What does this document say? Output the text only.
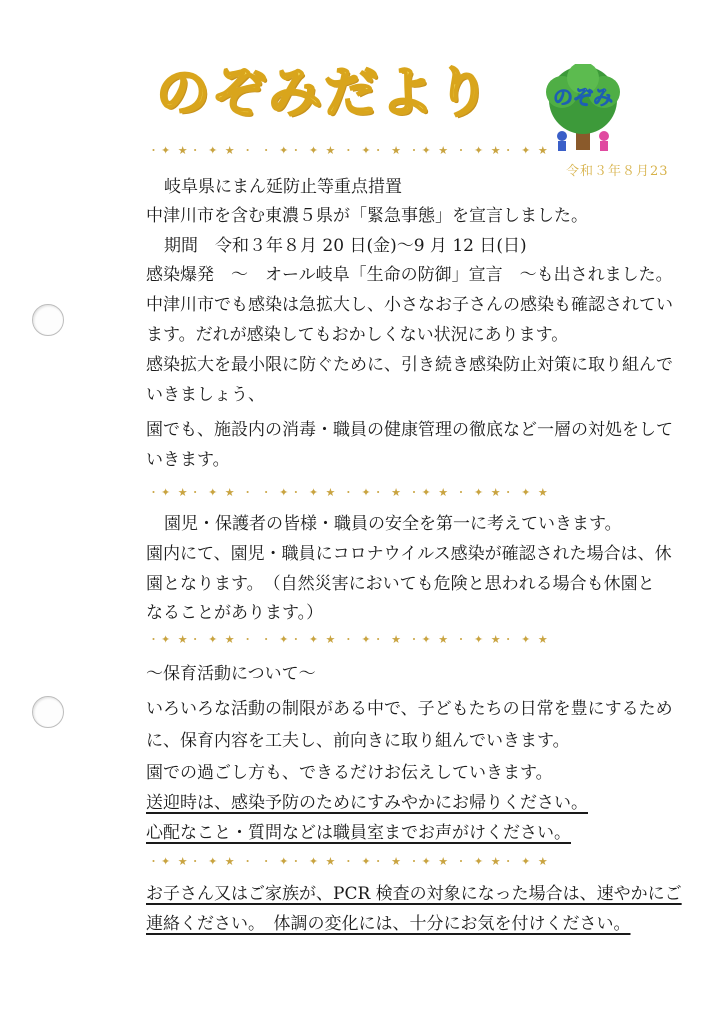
のぞみだより	のぞみ
令和３年８月23
・✦ ★・ ✦ ★ ・ ・ ✦・ ✦ ★ ・ ✦・ ★ ・✦ ★ ・ ✦ ★・ ✦ ★
岐阜県にまん延防止等重点措置
中津川市を含む東濃５県が「緊急事態」を宣言しました。
期間　令和３年８月 20 日(金)〜9 月 12 日(日)
感染爆発　〜　オール岐阜「生命の防御」宣言　〜も出されました。
中津川市でも感染は急拡大し、小さなお子さんの感染も確認されてい
ます。だれが感染してもおかしくない状況にあります。
感染拡大を最小限に防ぐために、引き続き感染防止対策に取り組んで
いきましょう、
園でも、施設内の消毒・職員の健康管理の徹底など一層の対処をして
いきます。
・✦ ★・ ✦ ★ ・ ・ ✦・ ✦ ★ ・ ✦・ ★ ・✦ ★ ・ ✦ ★・ ✦ ★
園児・保護者の皆様・職員の安全を第一に考えていきます。
園内にて、園児・職員にコロナウイルス感染が確認された場合は、休
園となります。　（自然災害においても危険と思われる場合も休園と
なることがあります。）
・✦ ★・ ✦ ★ ・ ・ ✦・ ✦ ★ ・ ✦・ ★ ・✦ ★ ・ ✦ ★・ ✦ ★
〜保育活動について〜
いろいろな活動の制限がある中で、子どもたちの日常を豊にするため
に、保育内容を工夫し、前向きに取り組んでいきます。
園での過ごし方も、できるだけお伝えしていきます。
送迎時は、感染予防のためにすみやかにお帰りください。
心配なこと・質問などは職員室までお声がけください。
・✦ ★・ ✦ ★ ・ ・ ✦・ ✦ ★ ・ ✦・ ★ ・✦ ★ ・ ✦ ★・ ✦ ★
お子さん又はご家族が、PCR 検査の対象になった場合は、速やかにご
連絡ください。　体調の変化には、十分にお気を付けください。
